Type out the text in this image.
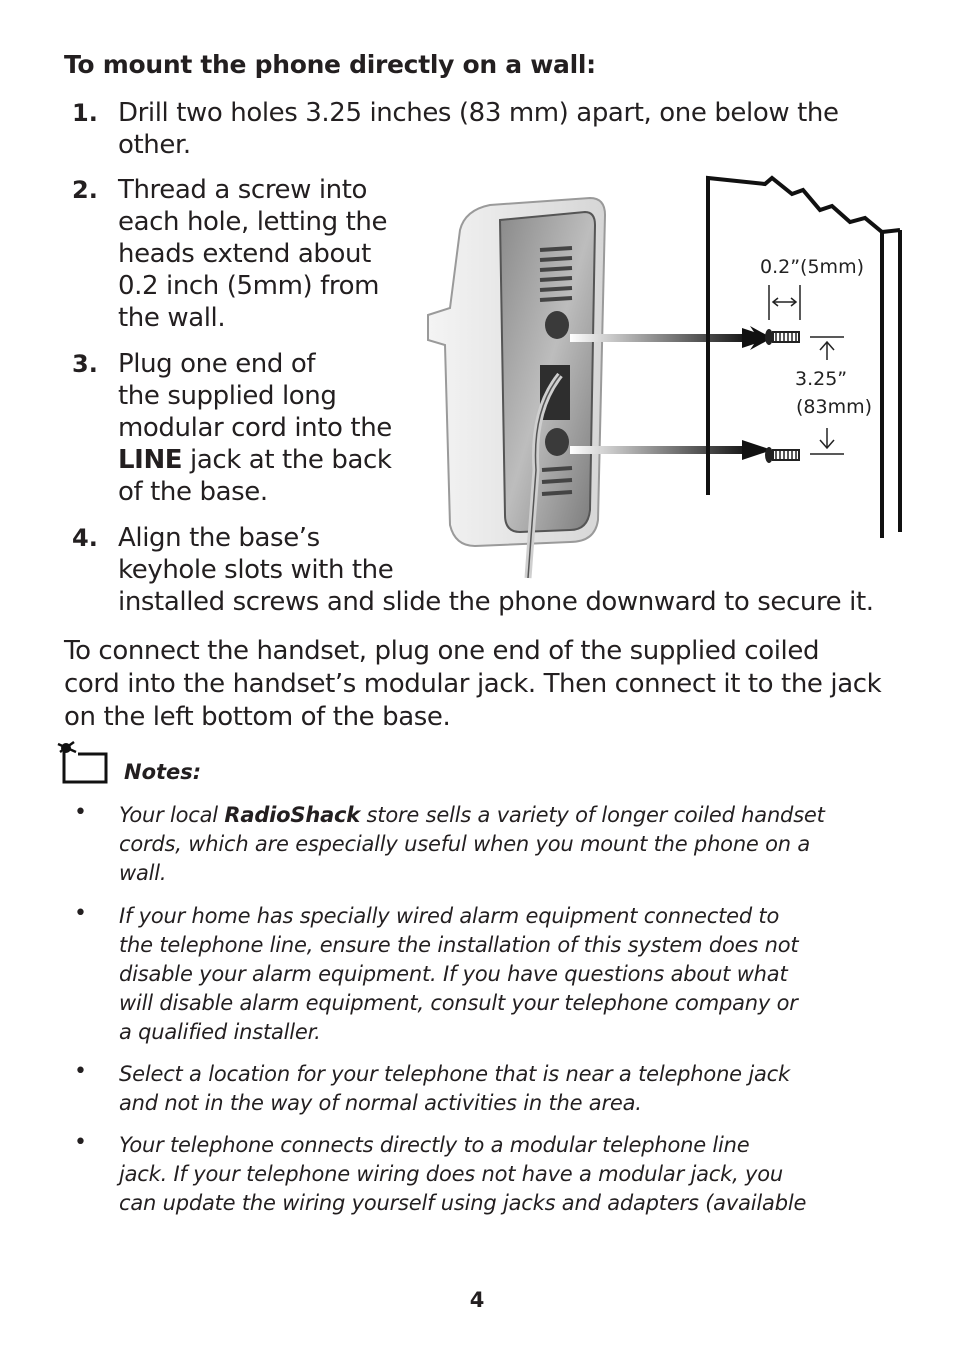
To mount the phone directly on a wall:
1. Drill two holes 3.25 inches (83 mm) apart, one below the
other.
2. Thread a screw into
each hole, letting the
heads extend about
0.2 inch (5mm) from
the wall.
3. Plug one end of
the supplied long
modular cord into the
LINE jack at the back
of the base.
4. Align the base’s
keyhole slots with the
installed screws and slide the phone downward to secure it.
0.2”(5mm)
3.25”
(83mm)
To connect the handset, plug one end of the supplied coiled
cord into the handset’s modular jack. Then connect it to the jack
on the left bottom of the base.
Notes:
• Your local RadioShack store sells a variety of longer coiled handset
cords, which are especially useful when you mount the phone on a
wall.
• If your home has specially wired alarm equipment connected to
the telephone line, ensure the installation of this system does not
disable your alarm equipment. If you have questions about what
will disable alarm equipment, consult your telephone company or
a qualified installer.
• Select a location for your telephone that is near a telephone jack
and not in the way of normal activities in the area.
• Your telephone connects directly to a modular telephone line
jack. If your telephone wiring does not have a modular jack, you
can update the wiring yourself using jacks and adapters (available
4
